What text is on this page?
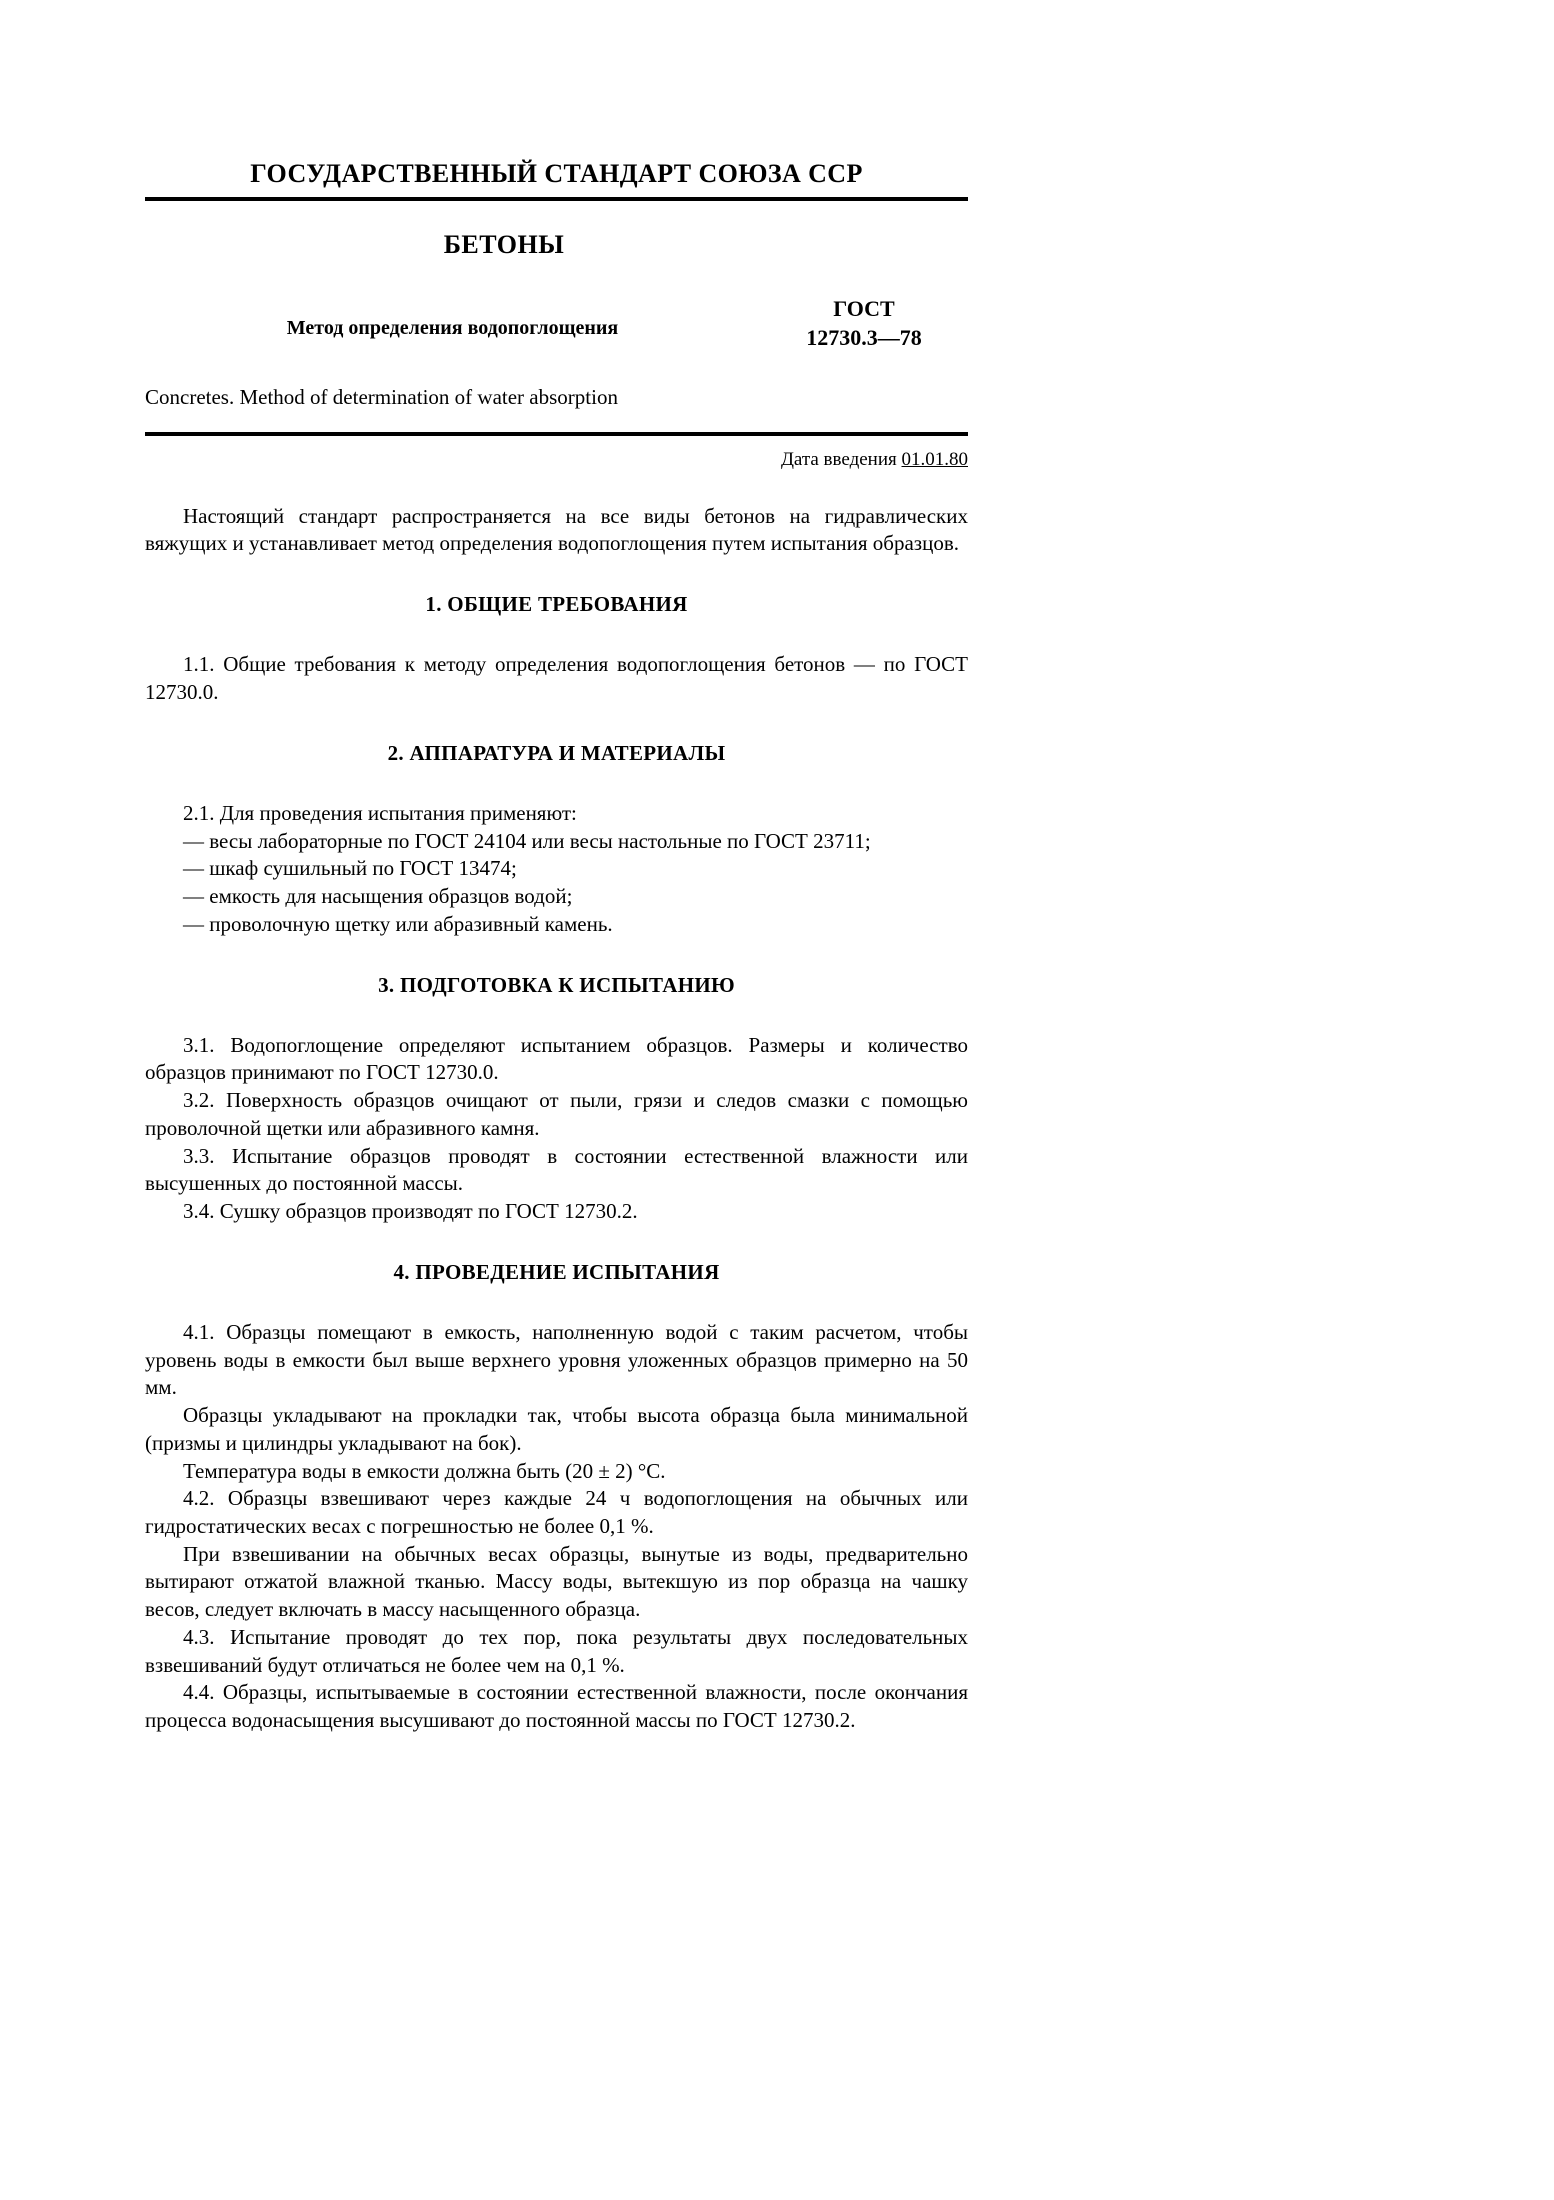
ГОСУДАРСТВЕННЫЙ СТАНДАРТ СОЮЗА ССР
БЕТОНЫ
Метод определения водопоглощения
ГОСТ
12730.3—78
Concretes. Method of determination of water absorption
Дата введения 01.01.80

Настоящий стандарт распространяется на все виды бетонов на гидравлических вяжущих и устанавливает метод определения водопоглощения путем испытания образцов.

1. ОБЩИЕ ТРЕБОВАНИЯ

1.1. Общие требования к методу определения водопоглощения бетонов — по ГОСТ 12730.0.

2. АППАРАТУРА И МАТЕРИАЛЫ

2.1. Для проведения испытания применяют:

— весы лабораторные по ГОСТ 24104 или весы настольные по ГОСТ 23711;

— шкаф сушильный по ГОСТ 13474;

— емкость для насыщения образцов водой;

— проволочную щетку или абразивный камень.

3. ПОДГОТОВКА К ИСПЫТАНИЮ

3.1. Водопоглощение определяют испытанием образцов. Размеры и количество образцов принимают по ГОСТ 12730.0.

3.2. Поверхность образцов очищают от пыли, грязи и следов смазки с помощью проволочной щетки или абразивного камня.

3.3. Испытание образцов проводят в состоянии естественной влажности или высушенных до постоянной массы.

3.4. Сушку образцов производят по ГОСТ 12730.2.

4. ПРОВЕДЕНИЕ ИСПЫТАНИЯ

4.1. Образцы помещают в емкость, наполненную водой с таким расчетом, чтобы уровень воды в емкости был выше верхнего уровня уложенных образцов примерно на 50 мм.

Образцы укладывают на прокладки так, чтобы высота образца была минимальной (призмы и цилиндры укладывают на бок).

Температура воды в емкости должна быть (20 ± 2) °С.

4.2. Образцы взвешивают через каждые 24 ч водопоглощения на обычных или гидростатических весах с погрешностью не более 0,1 %.

При взвешивании на обычных весах образцы, вынутые из воды, предварительно вытирают отжатой влажной тканью. Массу воды, вытекшую из пор образца на чашку весов, следует включать в массу насыщенного образца.

4.3. Испытание проводят до тех пор, пока результаты двух последовательных взвешиваний будут отличаться не более чем на 0,1 %.

4.4. Образцы, испытываемые в состоянии естественной влажности, после окончания процесса водонасыщения высушивают до постоянной массы по ГОСТ 12730.2.
